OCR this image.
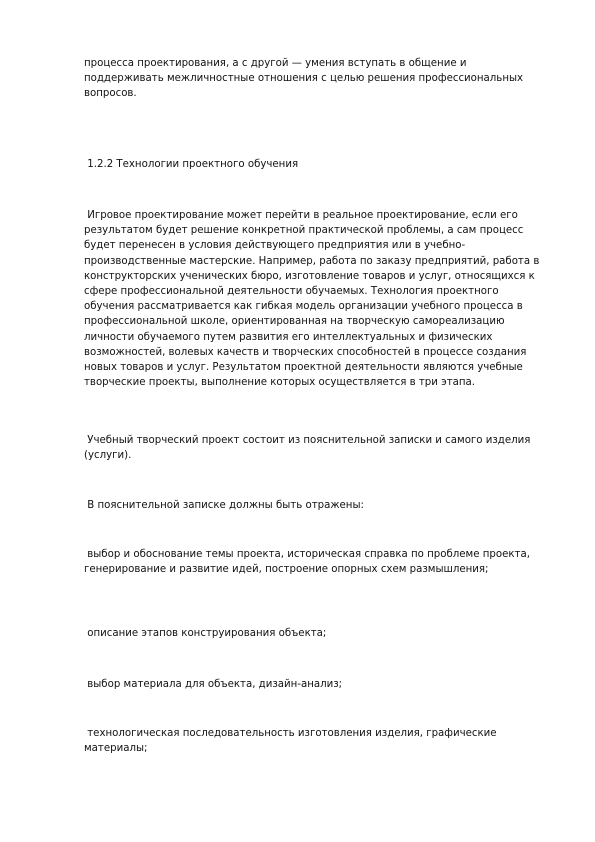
процесса проектирования, а с другой — умения вступать в общение и поддерживать межличностные отношения с целью решения профессиональных вопросов.

1.2.2 Технологии проектного обучения

Игровое проектирование может перейти в реальное проектирование, если его результатом будет решение конкретной практической проблемы, а сам процесс будет перенесен в условия действующего предприятия или в учебно-производственные мастерские. Например, работа по заказу предприятий, работа в конструкторских ученических бюро, изготовление товаров и услуг, относящихся к сфере профессиональной деятельности обучаемых. Технология проектного обучения рассматривается как гибкая модель организации учебного процесса в профессиональной школе, ориентированная на творческую самореализацию личности обучаемого путем развития его интеллектуальных и физических возможностей, волевых качеств и творческих способностей в процессе создания новых товаров и услуг. Результатом проектной деятельности являются учебные творческие проекты, выполнение которых осуществляется в три этапа.

Учебный творческий проект состоит из пояснительной записки и самого изделия (услуги).

В пояснительной записке должны быть отражены:

выбор и обоснование темы проекта, историческая справка по проблеме проекта, генерирование и развитие идей, построение опорных схем размышления;

описание этапов конструирования объекта;

выбор материала для объекта, дизайн-анализ;

технологическая последовательность изготовления изделия, графические материалы;
